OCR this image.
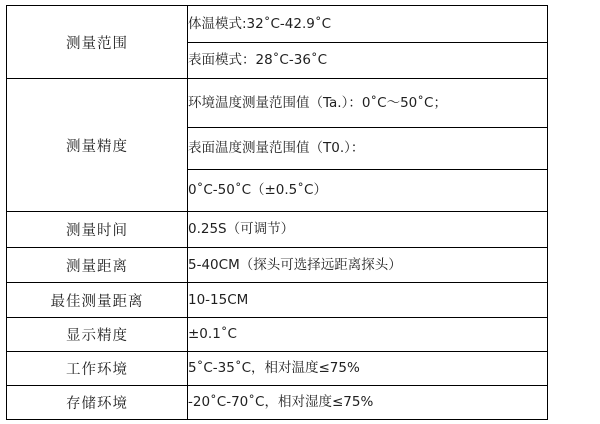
测量范围	体温模式:32˚C-42.9˚C
	表面模式：28˚C-36˚C
测量精度	环境温度测量范围值（Ta.）：0˚C～50˚C；
	表面温度测量范围值（T0.）：
	0˚C-50˚C（±0.5˚C）
测量时间	0.25S（可调节）
测量距离	5-40CM（探头可选择远距离探头）
最佳测量距离	10-15CM
显示精度	±0.1˚C
工作环境	5˚C-35˚C，相对温度≤75%
存储环境	-20˚C-70˚C，相对湿度≤75%
